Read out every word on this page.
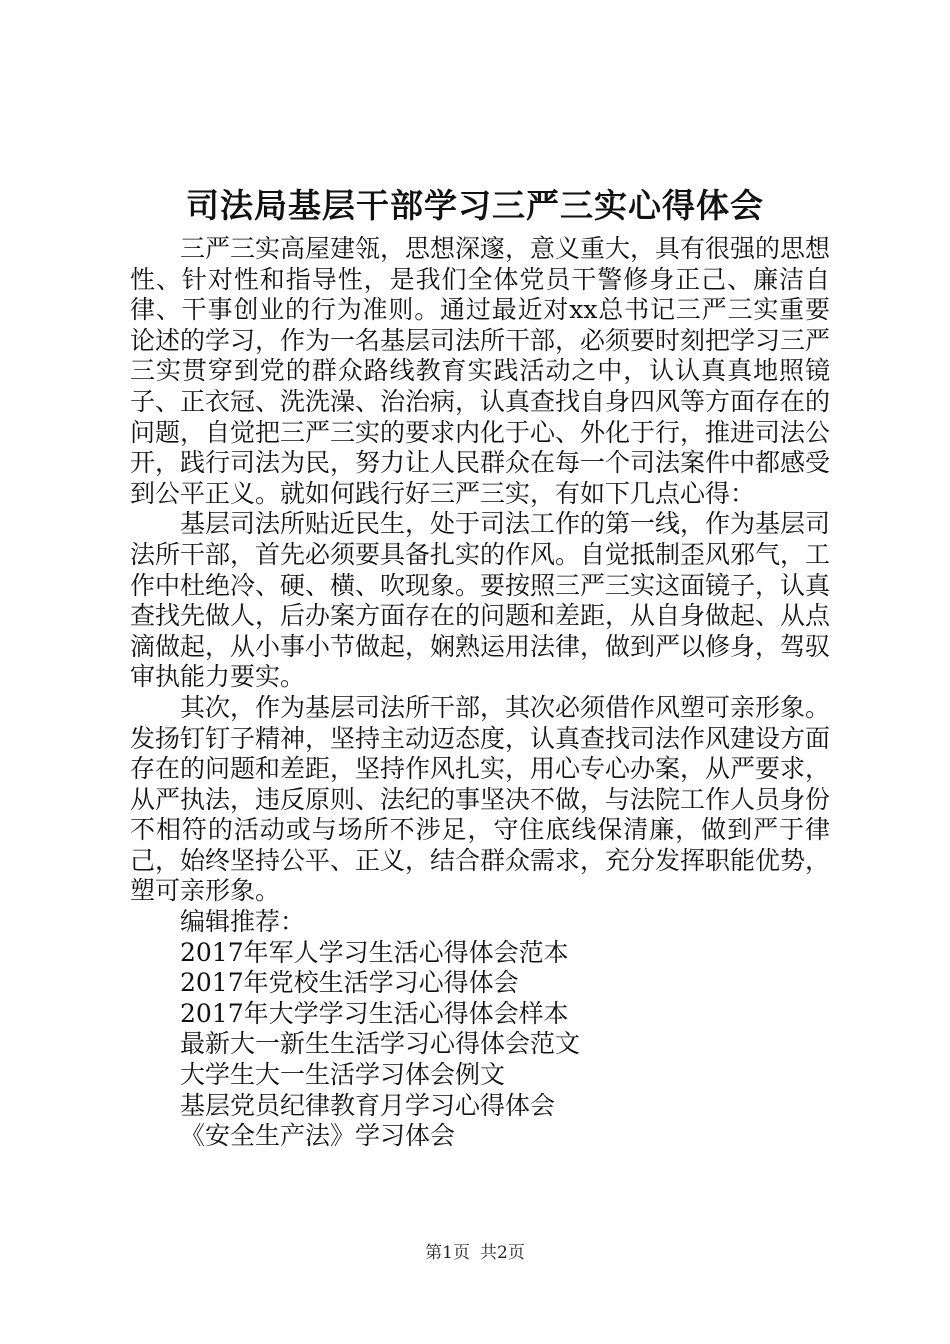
司法局基层干部学习三严三实心得体会

三严三实高屋建瓴，思想深邃，意义重大，具有很强的思想性、针对性和指导性，是我们全体党员干警修身正己、廉洁自律、干事创业的行为准则。通过最近对xx总书记三严三实重要论述的学习，作为一名基层司法所干部，必须要时刻把学习三严三实贯穿到党的群众路线教育实践活动之中，认认真真地照镜子、正衣冠、洗洗澡、治治病，认真查找自身四风等方面存在的问题，自觉把三严三实的要求内化于心、外化于行，推进司法公开，践行司法为民，努力让人民群众在每一个司法案件中都感受到公平正义。就如何践行好三严三实，有如下几点心得：

基层司法所贴近民生，处于司法工作的第一线，作为基层司法所干部，首先必须要具备扎实的作风。自觉抵制歪风邪气，工作中杜绝冷、硬、横、吹现象。要按照三严三实这面镜子，认真查找先做人，后办案方面存在的问题和差距，从自身做起、从点滴做起，从小事小节做起，娴熟运用法律，做到严以修身，驾驭审执能力要实。

其次，作为基层司法所干部，其次必须借作风塑可亲形象。发扬钉钉子精神，坚持主动迈态度，认真查找司法作风建设方面存在的问题和差距，坚持作风扎实，用心专心办案，从严要求，从严执法，违反原则、法纪的事坚决不做，与法院工作人员身份不相符的活动或与场所不涉足，守住底线保清廉，做到严于律己，始终坚持公平、正义，结合群众需求，充分发挥职能优势，塑可亲形象。

编辑推荐：

2017年军人学习生活心得体会范本
2017年党校生活学习心得体会
2017年大学学习生活心得体会样本
最新大一新生生活学习心得体会范文
大学生大一生活学习体会例文
基层党员纪律教育月学习心得体会
《安全生产法》学习体会
第1页 共2页
